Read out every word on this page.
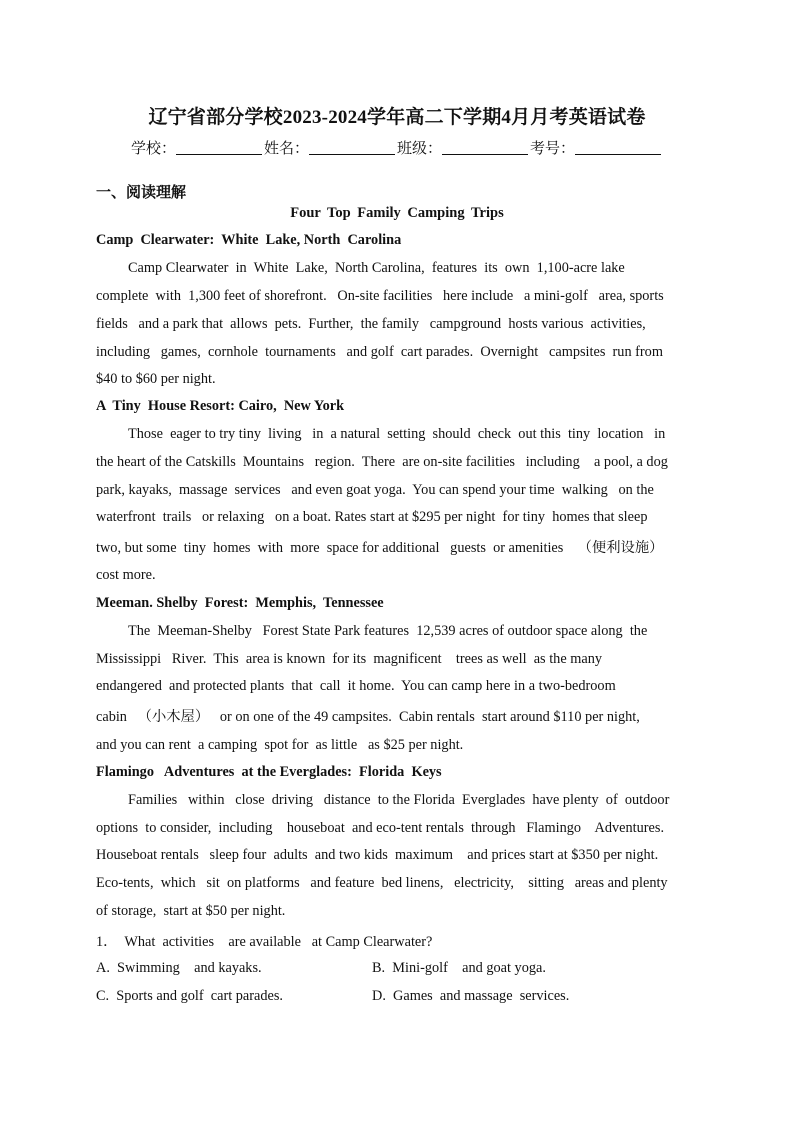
辽宁省部分学校2023-2024学年高二下学期4月月考英语试卷
学校：	姓名：	班级：	考号：
一、阅读理解
Four Top Family Camping Trips
Camp  Clearwater:  White  Lake, North  Carolina
Camp Clearwater  in  White  Lake,  North Carolina,  features  its  own  1,100-acre lake
complete  with  1,300 feet of shorefront.   On-site facilities   here include   a mini-golf   area, sports
fields   and a park that  allows  pets.  Further,  the family   campground  hosts various  activities,
including   games,  cornhole  tournaments   and golf  cart parades.  Overnight   campsites  run from
$40 to $60 per night.
A  Tiny  House Resort: Cairo,  New York
Those  eager to try tiny  living   in  a natural  setting  should  check  out this  tiny  location   in
the heart of the Catskills  Mountains   region.  There  are on-site facilities   including    a pool, a dog
park, kayaks,  massage  services   and even goat yoga.  You can spend your time  walking   on the
waterfront  trails   or relaxing   on a boat. Rates start at $295 per night  for tiny  homes that sleep
two, but some  tiny  homes  with  more  space for additional   guests  or amenities    （便利设施）
cost more.
Meeman. Shelby  Forest:  Memphis,  Tennessee
The  Meeman-Shelby   Forest State Park features  12,539 acres of outdoor space along  the
Mississippi   River.  This  area is known  for its  magnificent    trees as well  as the many
endangered  and protected plants  that  call  it home.  You can camp here in a two-bedroom
cabin   （小木屋）   or on one of the 49 campsites.  Cabin rentals  start around $110 per night,
and you can rent  a camping  spot for  as little   as $25 per night.
Flamingo   Adventures  at the Everglades:  Florida  Keys
Families   within   close  driving   distance  to the Florida  Everglades  have plenty  of  outdoor
options  to consider,  including    houseboat  and eco-tent rentals  through   Flamingo    Adventures.
Houseboat rentals   sleep four  adults  and two kids  maximum    and prices start at $350 per night.
Eco-tents,  which   sit  on platforms   and feature  bed linens,   electricity,    sitting   areas and plenty
of storage,  start at $50 per night.
1．  What  activities    are available   at Camp Clearwater?
A.  Swimming    and kayaks.	B.  Mini-golf    and goat yoga.
C.  Sports and golf  cart parades.	D.  Games  and massage  services.
